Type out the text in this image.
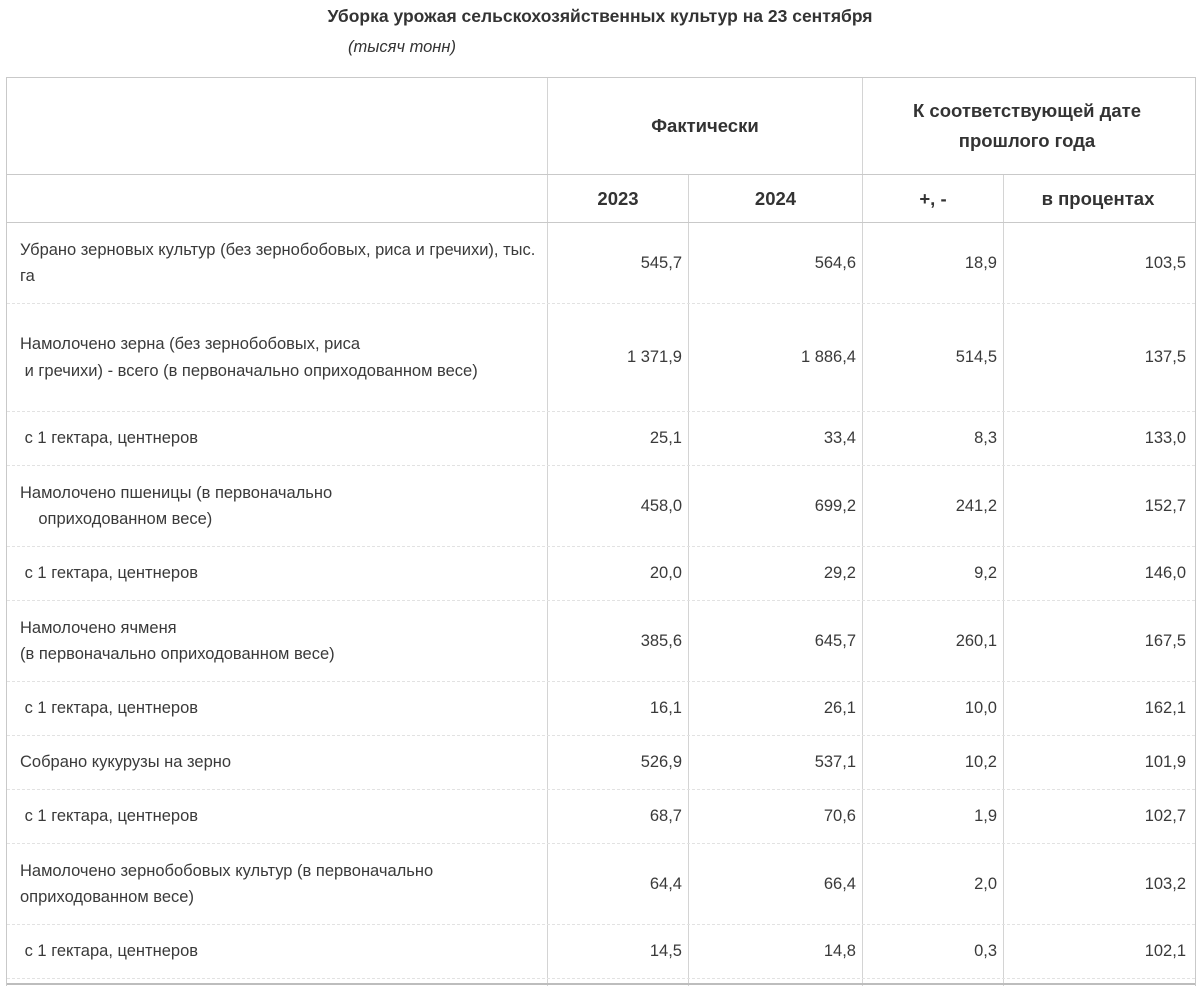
Уборка урожая сельскохозяйственных культур на 23 сентября
(тысяч тонн)
Фактически
К соответствующей дате прошлого года
2023	2024	+, -	в процентах
Убрано зерновых культур (без зернобобовых, риса и гречихи), тыс. га
545,7	564,6	18,9	103,5
Намолочено зерна (без зернобобовых, риса
и гречихи) - всего (в первоначально оприходованном весе)
1 371,9	1 886,4	514,5	137,5
с 1 гектара, центнеров	25,1	33,4	8,3	133,0
Намолочено пшеницы (в первоначально
оприходованном весе)
458,0	699,2	241,2	152,7
с 1 гектара, центнеров	20,0	29,2	9,2	146,0
Намолочено ячменя
(в первоначально оприходованном весе)
385,6	645,7	260,1	167,5
с 1 гектара, центнеров	16,1	26,1	10,0	162,1
Собрано кукурузы на зерно	526,9	537,1	10,2	101,9
с 1 гектара, центнеров	68,7	70,6	1,9	102,7
Намолочено зернобобовых культур (в первоначально оприходованном весе)
64,4	66,4	2,0	103,2
с 1 гектара, центнеров	14,5	14,8	0,3	102,1
